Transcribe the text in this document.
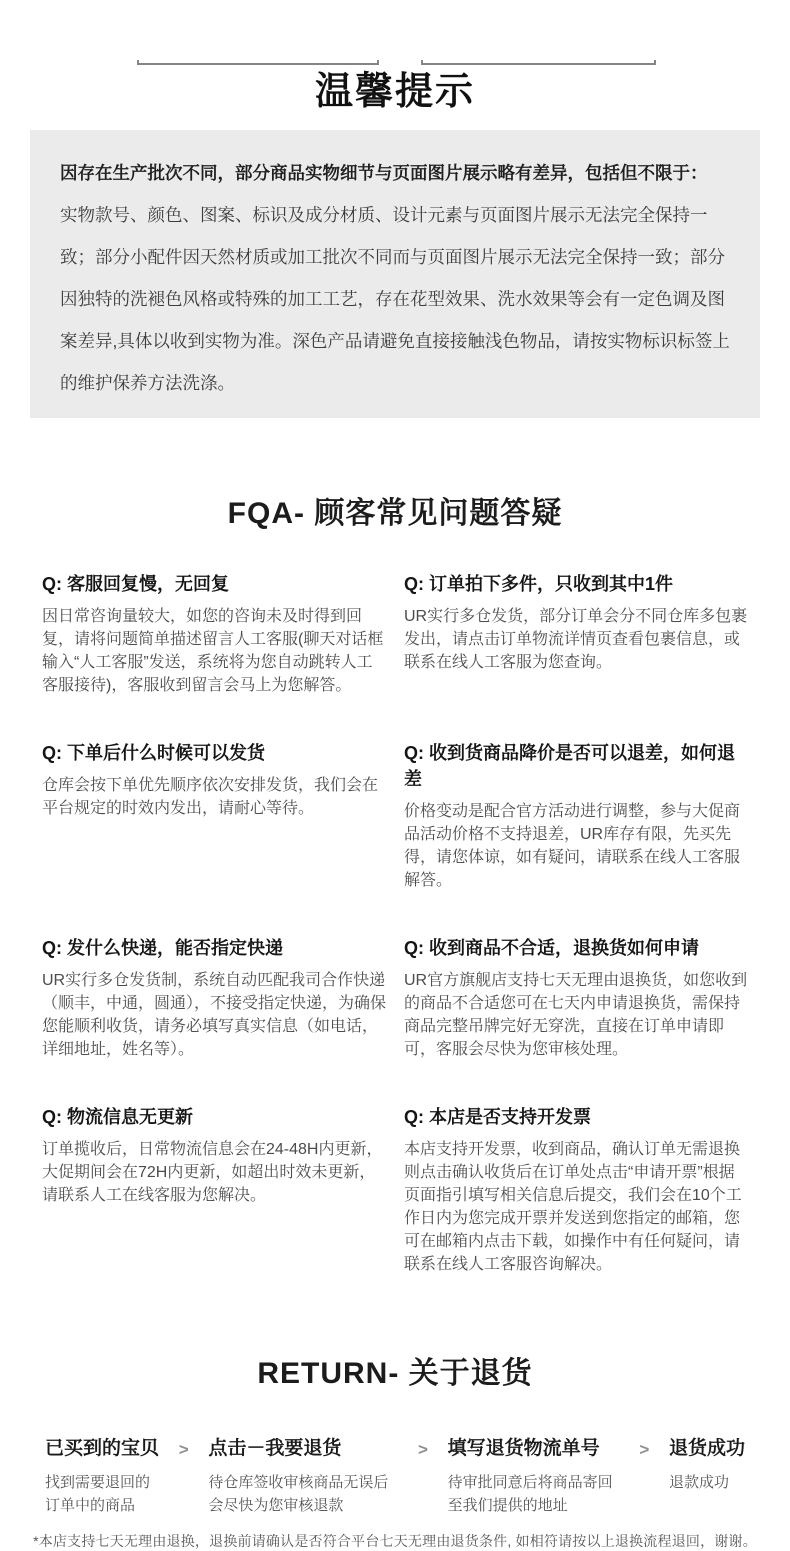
温馨提示
因存在生产批次不同，部分商品实物细节与页面图片展示略有差异，包括但不限于：
实物款号、颜色、图案、标识及成分材质、设计元素与页面图片展示无法完全保持一致；部分小配件因天然材质或加工批次不同而与页面图片展示无法完全保持一致；部分因独特的洗褪色风格或特殊的加工工艺，存在花型效果、洗水效果等会有一定色调及图案差异,具体以收到实物为准。深色产品请避免直接接触浅色物品，请按实物标识标签上的维护保养方法洗涤。
FQA- 顾客常见问题答疑
Q: 客服回复慢，无回复
因日常咨询量较大，如您的咨询未及时得到回复，请将问题简单描述留言人工客服(聊天对话框输入“人工客服”发送，系统将为您自动跳转人工客服接待)，客服收到留言会马上为您解答。
Q: 订单拍下多件，只收到其中1件
UR实行多仓发货，部分订单会分不同仓库多包裹发出，请点击订单物流详情页查看包裹信息，或联系在线人工客服为您查询。
Q: 下单后什么时候可以发货
仓库会按下单优先顺序依次安排发货，我们会在平台规定的时效内发出，请耐心等待。
Q: 收到货商品降价是否可以退差，如何退差
价格变动是配合官方活动进行调整，参与大促商品活动价格不支持退差，UR库存有限，先买先得，请您体谅，如有疑问，请联系在线人工客服解答。
Q: 发什么快递，能否指定快递
UR实行多仓发货制，系统自动匹配我司合作快递（顺丰，中通，圆通），不接受指定快递，为确保您能顺利收货，请务必填写真实信息（如电话，详细地址，姓名等）。
Q: 收到商品不合适，退换货如何申请
UR官方旗舰店支持七天无理由退换货，如您收到的商品不合适您可在七天内申请退换货，需保持商品完整吊牌完好无穿洗，直接在订单申请即可，客服会尽快为您审核处理。
Q: 物流信息无更新
订单揽收后，日常物流信息会在24-48H内更新，大促期间会在72H内更新，如超出时效未更新，请联系人工在线客服为您解决。
Q: 本店是否支持开发票
本店支持开发票，收到商品，确认订单无需退换则点击确认收货后在订单处点击“申请开票”根据页面指引填写相关信息后提交，我们会在10个工作日内为您完成开票并发送到您指定的邮箱，您可在邮箱内点击下载，如操作中有任何疑问，请联系在线人工客服咨询解决。
RETURN- 关于退货
已买到的宝贝
找到需要退回的订单中的商品
> 点击－我要退货
待仓库签收审核商品无误后会尽快为您审核退款
> 填写退货物流单号
待审批同意后将商品寄回至我们提供的地址
> 退货成功
退款成功
*本店支持七天无理由退换，退换前请确认是否符合平台七天无理由退货条件, 如相符请按以上退换流程退回，谢谢。
